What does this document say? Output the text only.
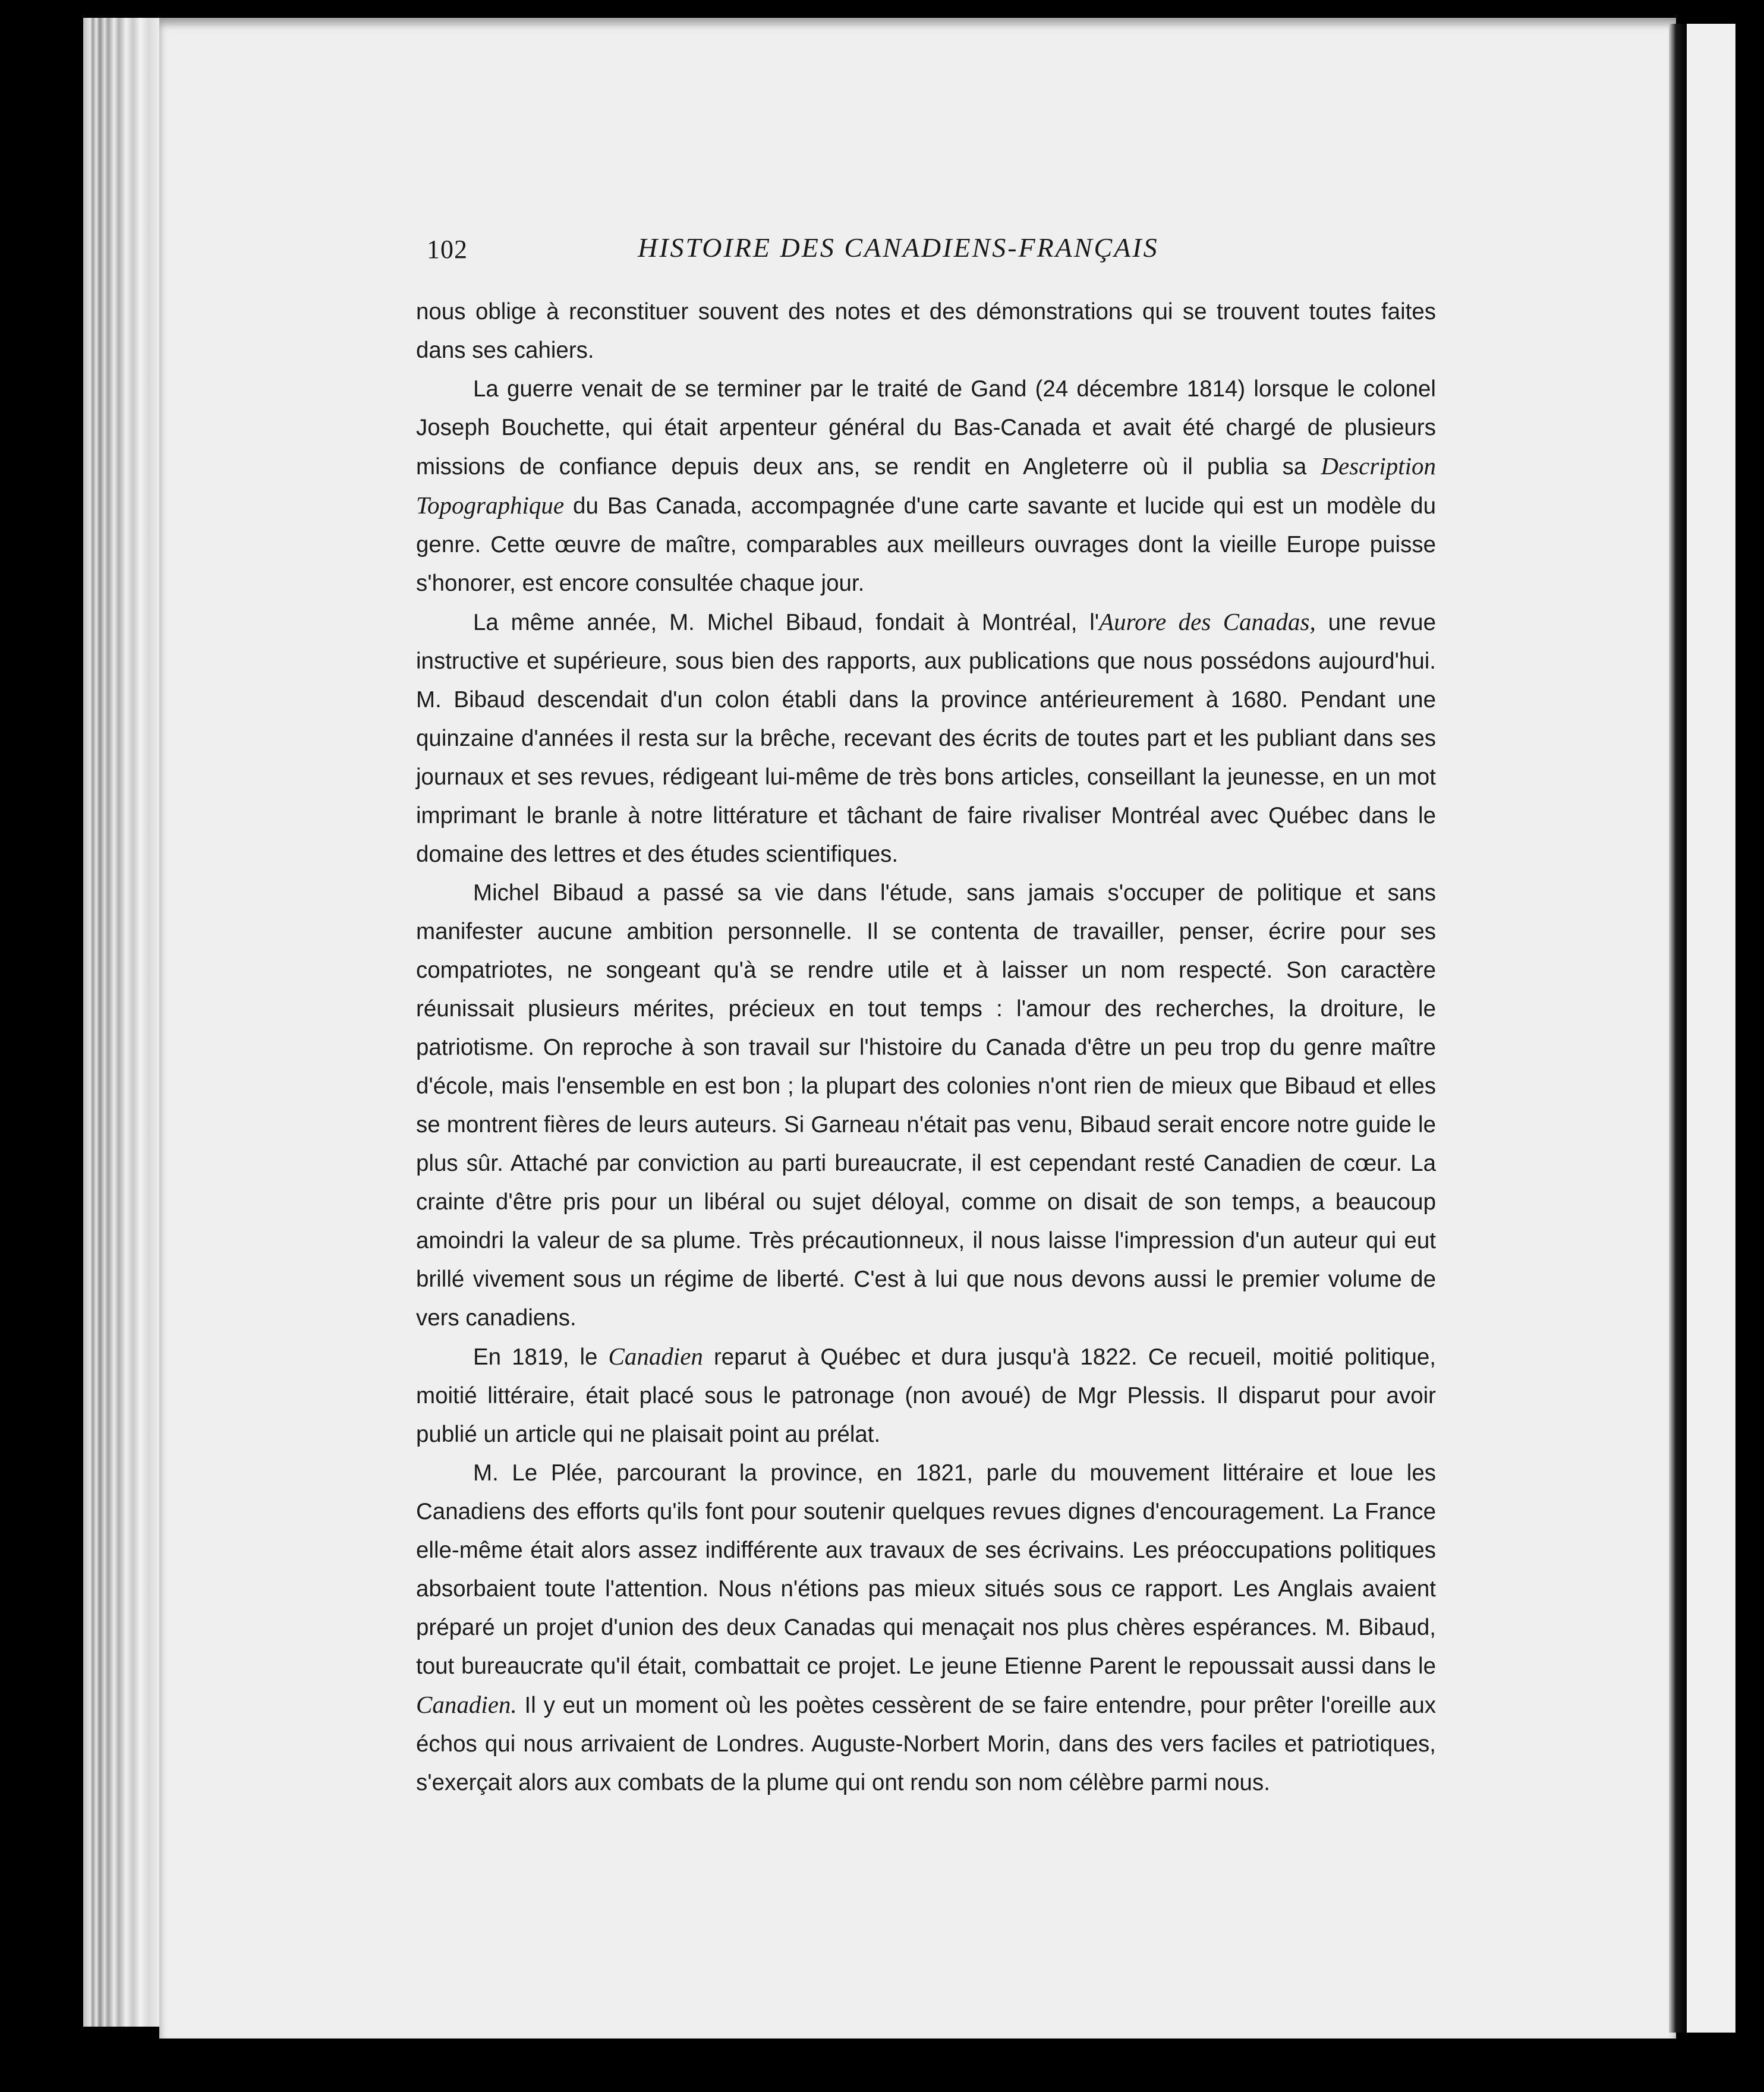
102	HISTOIRE DES CANADIENS-FRANÇAIS

nous oblige à reconstituer souvent des notes et des démonstrations qui se trouvent toutes faites dans ses cahiers.

La guerre venait de se terminer par le traité de Gand (24 décembre 1814) lorsque le colonel Joseph Bouchette, qui était arpenteur général du Bas-Canada et avait été chargé de plusieurs missions de confiance depuis deux ans, se rendit en Angleterre où il publia sa Description Topographique du Bas Canada, accompagnée d'une carte savante et lucide qui est un modèle du genre. Cette œuvre de maître, comparables aux meilleurs ouvrages dont la vieille Europe puisse s'honorer, est encore consultée chaque jour.

La même année, M. Michel Bibaud, fondait à Montréal, l'Aurore des Canadas, une revue instructive et supérieure, sous bien des rapports, aux publications que nous possédons aujourd'hui. M. Bibaud descendait d'un colon établi dans la province antérieurement à 1680. Pendant une quinzaine d'années il resta sur la brêche, recevant des écrits de toutes part et les publiant dans ses journaux et ses revues, rédigeant lui-même de très bons articles, conseillant la jeunesse, en un mot imprimant le branle à notre littérature et tâchant de faire rivaliser Montréal avec Québec dans le domaine des lettres et des études scientifiques.

Michel Bibaud a passé sa vie dans l'étude, sans jamais s'occuper de politique et sans manifester aucune ambition personnelle. Il se contenta de travailler, penser, écrire pour ses compatriotes, ne songeant qu'à se rendre utile et à laisser un nom respecté. Son caractère réunissait plusieurs mérites, précieux en tout temps : l'amour des recherches, la droiture, le patriotisme. On reproche à son travail sur l'histoire du Canada d'être un peu trop du genre maître d'école, mais l'ensemble en est bon ; la plupart des colonies n'ont rien de mieux que Bibaud et elles se montrent fières de leurs auteurs. Si Garneau n'était pas venu, Bibaud serait encore notre guide le plus sûr. Attaché par conviction au parti bureaucrate, il est cependant resté Canadien de cœur. La crainte d'être pris pour un libéral ou sujet déloyal, comme on disait de son temps, a beaucoup amoindri la valeur de sa plume. Très précautionneux, il nous laisse l'impression d'un auteur qui eut brillé vivement sous un régime de liberté. C'est à lui que nous devons aussi le premier volume de vers canadiens.

En 1819, le Canadien reparut à Québec et dura jusqu'à 1822. Ce recueil, moitié politique, moitié littéraire, était placé sous le patronage (non avoué) de Mgr Plessis. Il disparut pour avoir publié un article qui ne plaisait point au prélat.

M. Le Plée, parcourant la province, en 1821, parle du mouvement littéraire et loue les Canadiens des efforts qu'ils font pour soutenir quelques revues dignes d'encouragement. La France elle-même était alors assez indifférente aux travaux de ses écrivains. Les préoccupations politiques absorbaient toute l'attention. Nous n'étions pas mieux situés sous ce rapport. Les Anglais avaient préparé un projet d'union des deux Canadas qui menaçait nos plus chères espérances. M. Bibaud, tout bureaucrate qu'il était, combattait ce projet. Le jeune Etienne Parent le repoussait aussi dans le Canadien. Il y eut un moment où les poètes cessèrent de se faire entendre, pour prêter l'oreille aux échos qui nous arrivaient de Londres. Auguste-Norbert Morin, dans des vers faciles et patriotiques, s'exerçait alors aux combats de la plume qui ont rendu son nom célèbre parmi nous.
